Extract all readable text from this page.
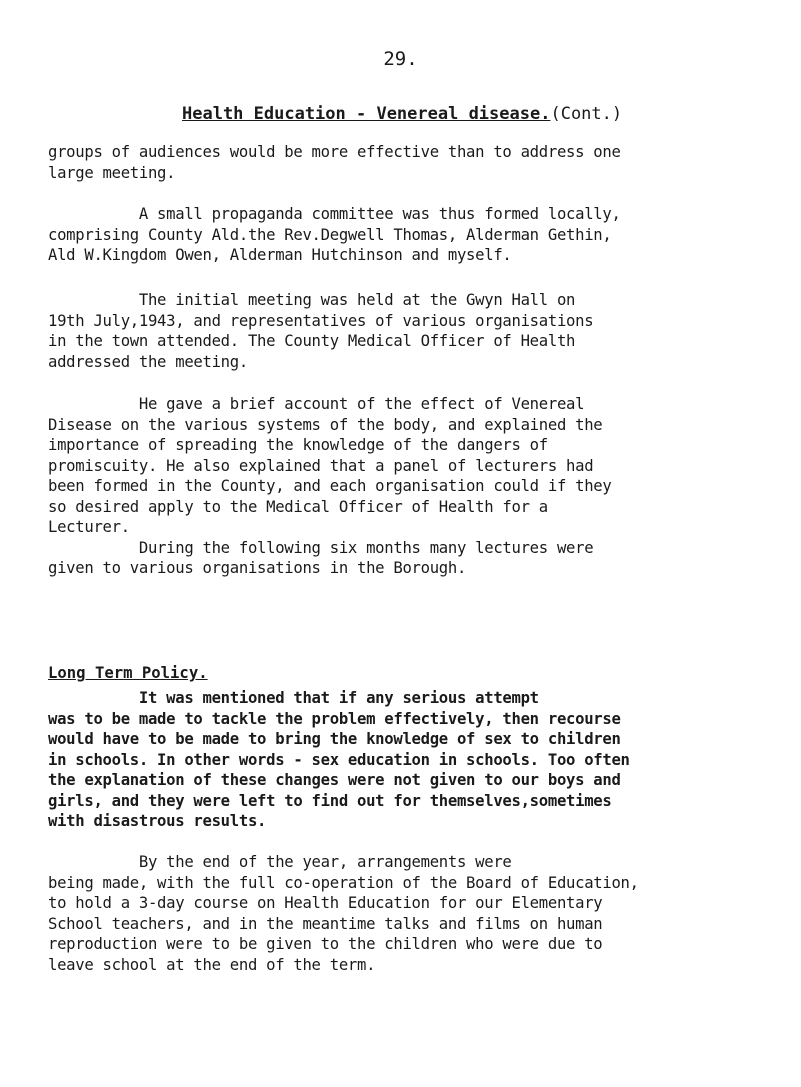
29.
Health Education - Venereal disease.(Cont.)

groups of audiences would be more effective than to address one
large meeting.

A small propaganda committee was thus formed locally,
comprising County Ald.the Rev.Degwell Thomas, Alderman Gethin,
Ald W.Kingdom Owen, Alderman Hutchinson and myself.

The initial meeting was held at the Gwyn Hall on
19th July,1943, and representatives of various organisations
in the town attended. The County Medical Officer of Health
addressed the meeting.

He gave a brief account of the effect of Venereal
Disease on the various systems of the body, and explained the
importance of spreading the knowledge of the dangers of
promiscuity. He also explained that a panel of lecturers had
been formed in the County, and each organisation could if they
so desired apply to the Medical Officer of Health for a
Lecturer.
During the following six months many lectures were
given to various organisations in the Borough.

Long Term Policy.

It was mentioned that if any serious attempt
was to be made to tackle the problem effectively, then recourse
would have to be made to bring the knowledge of sex to children
in schools. In other words - sex education in schools. Too often
the explanation of these changes were not given to our boys and
girls, and they were left to find out for themselves,sometimes
with disastrous results.

By the end of the year, arrangements were
being made, with the full co-operation of the Board of Education,
to hold a 3-day course on Health Education for our Elementary
School teachers, and in the meantime talks and films on human
reproduction were to be given to the children who were due to
leave school at the end of the term.
